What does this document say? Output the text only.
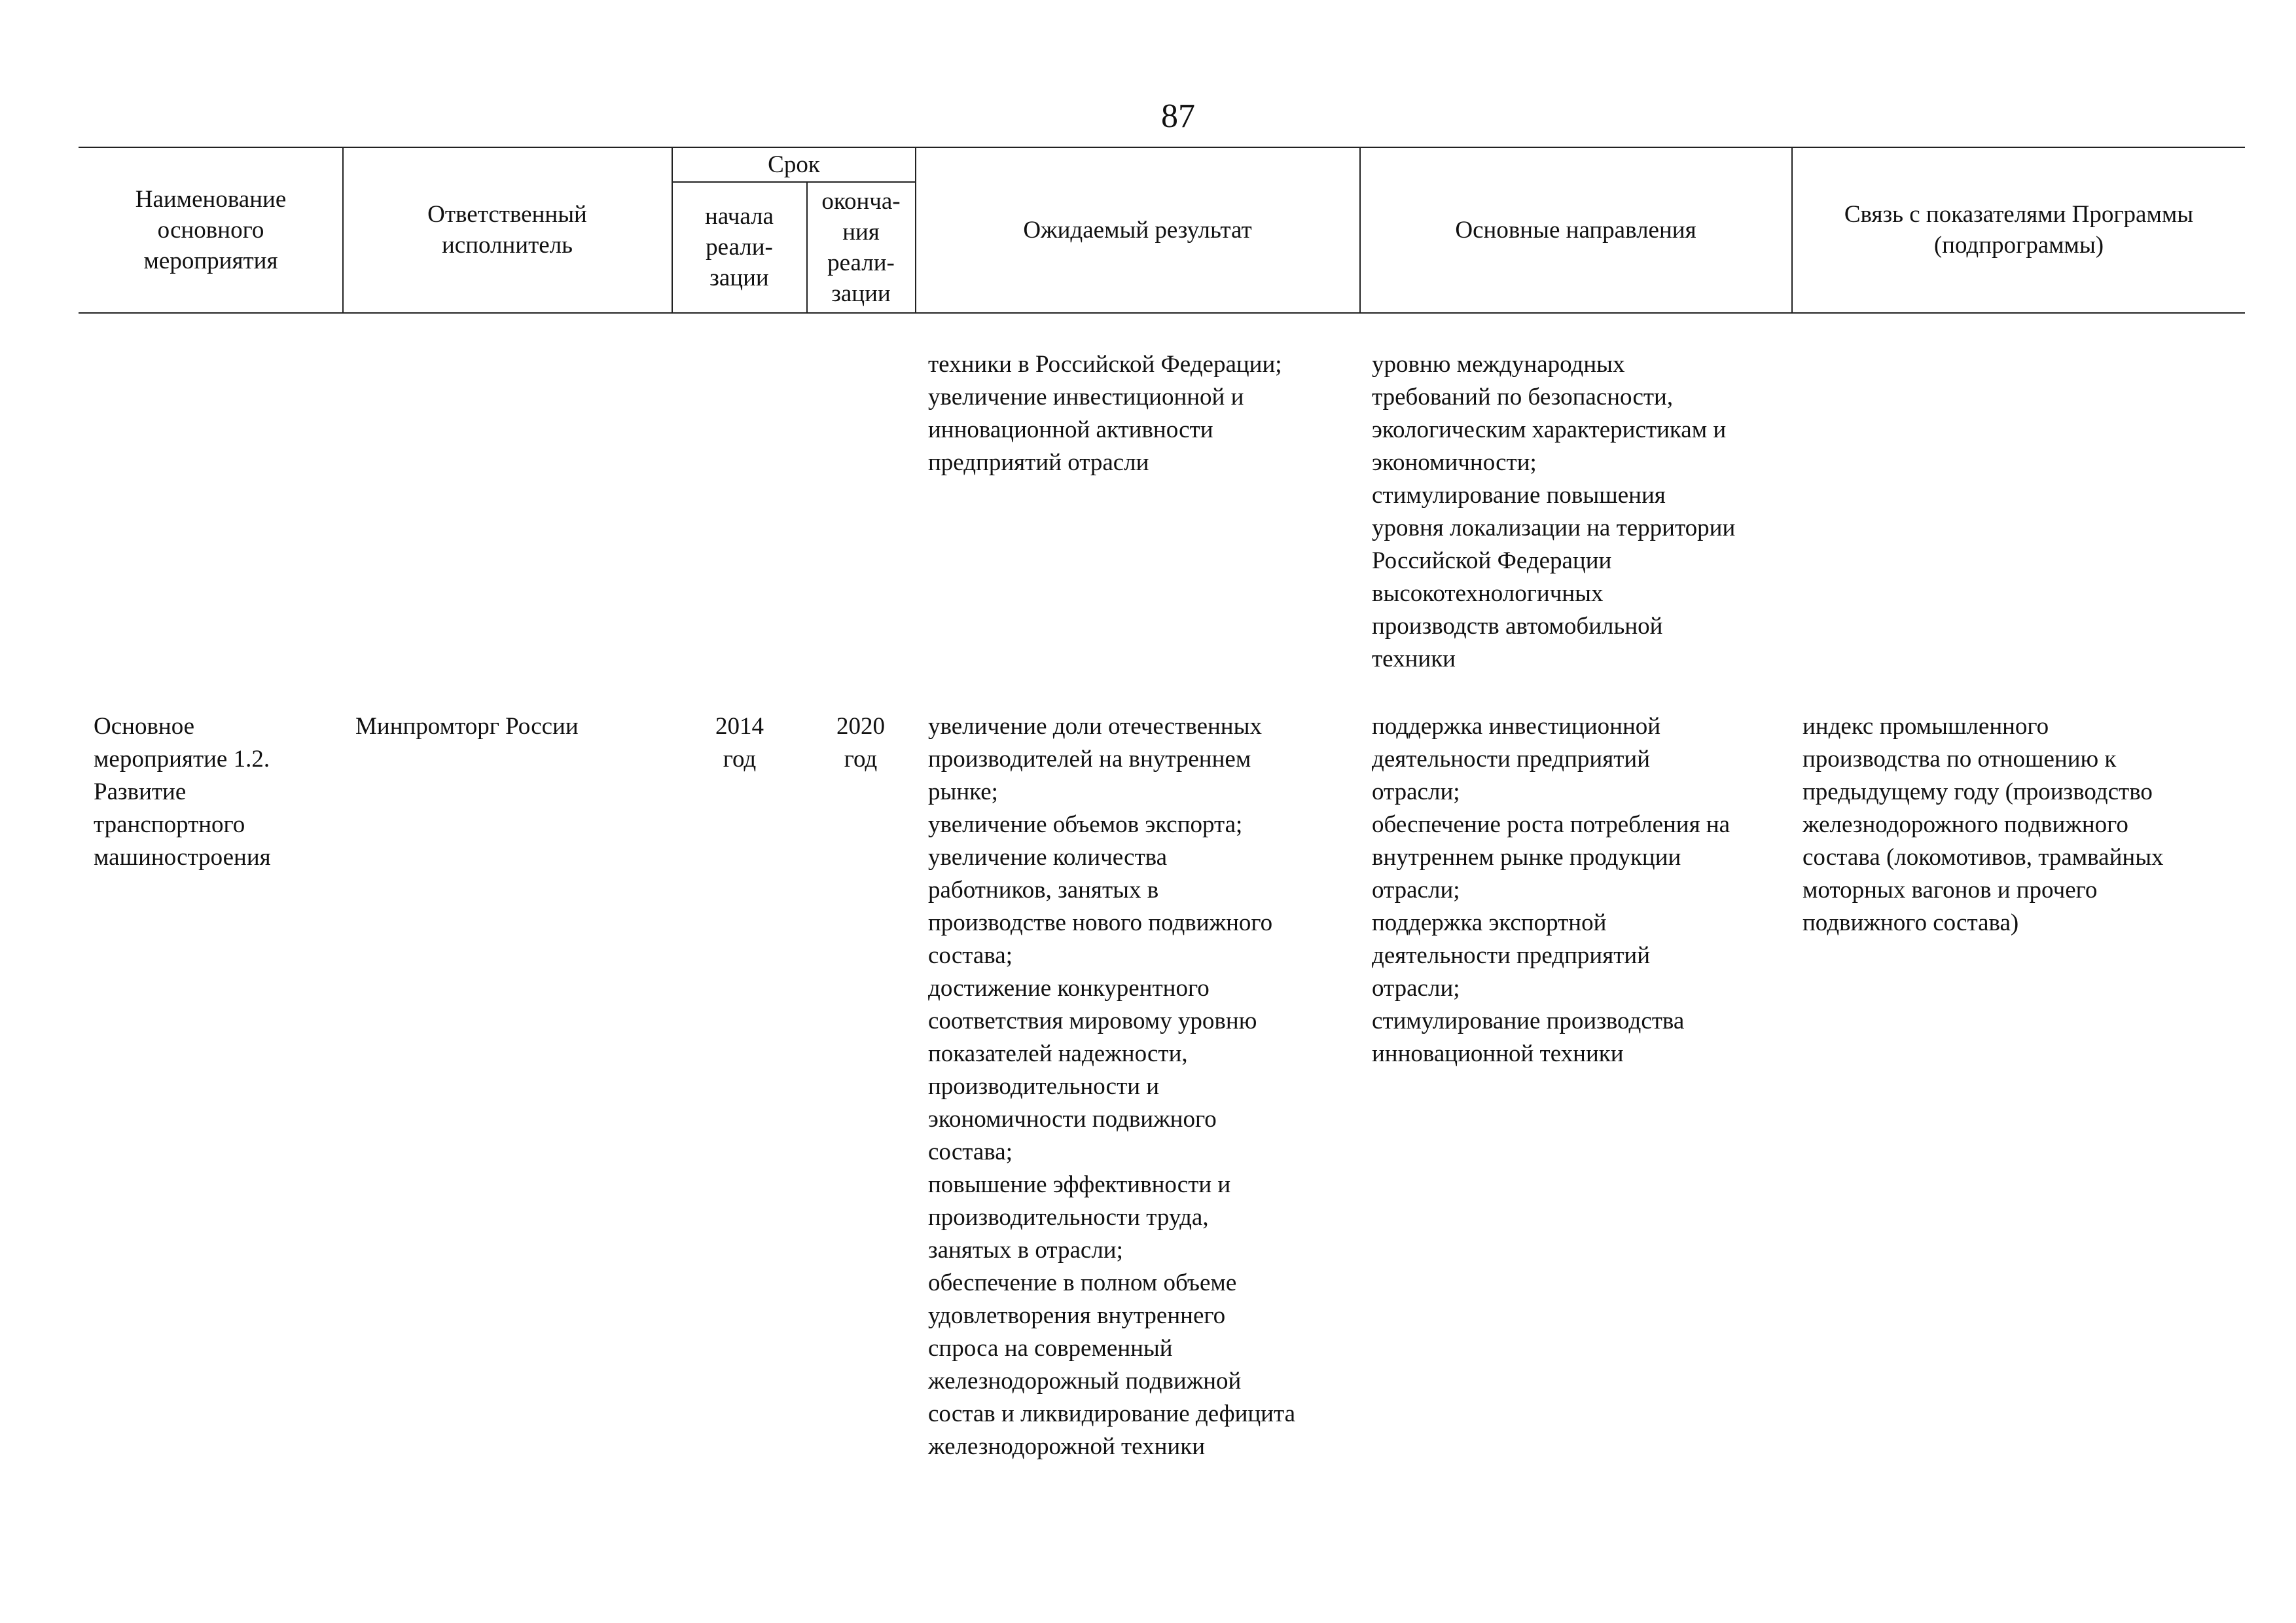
87
Наименование
основного
мероприятия
Ответственный
исполнитель
Срок
начала
реали-
зации
оконча-
ния
реали-
зации
Ожидаемый результат	Основные направления
Связь с показателями Программы
(подпрограммы)
техники в Российской Федерации;
увеличение инвестиционной и
инновационной активности
предприятий отрасли
уровню международных
требований по безопасности,
экологическим характеристикам и
экономичности;
стимулирование повышения
уровня локализации на территории
Российской Федерации
высокотехнологичных
производств автомобильной
техники
Основное
мероприятие 1.2.
Развитие
транспортного
машиностроения
Минпромторг России	2014
год
2020
год
увеличение доли отечественных
производителей на внутреннем
рынке;
увеличение объемов экспорта;
увеличение количества
работников, занятых в
производстве нового подвижного
состава;
достижение конкурентного
соответствия мировому уровню
показателей надежности,
производительности и
экономичности подвижного
состава;
повышение эффективности и
производительности труда,
занятых в отрасли;
обеспечение в полном объеме
удовлетворения внутреннего
спроса на современный
железнодорожный подвижной
состав и ликвидирование дефицита
железнодорожной техники
поддержка инвестиционной
деятельности предприятий
отрасли;
обеспечение роста потребления на
внутреннем рынке продукции
отрасли;
поддержка экспортной
деятельности предприятий
отрасли;
стимулирование производства
инновационной техники
индекс промышленного
производства по отношению к
предыдущему году (производство
железнодорожного подвижного
состава (локомотивов, трамвайных
моторных вагонов и прочего
подвижного состава)
